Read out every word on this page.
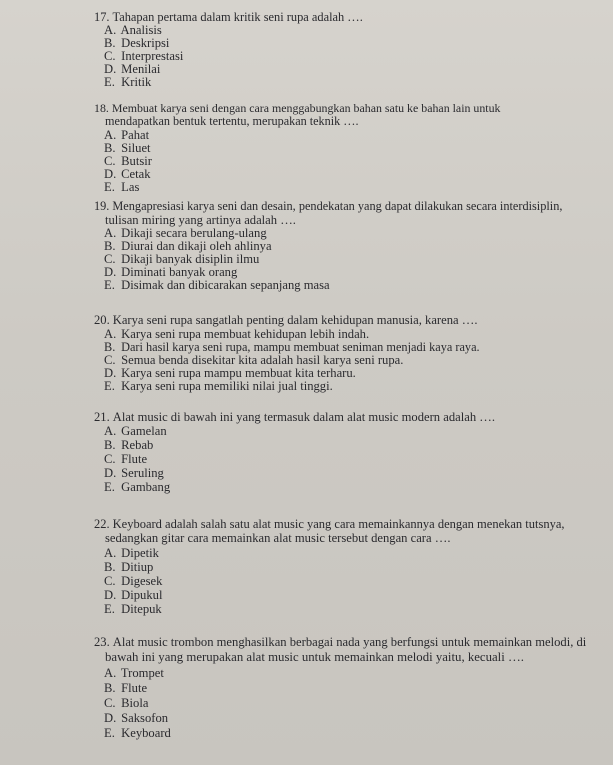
17. Tahapan pertama dalam kritik seni rupa adalah ….
A. Analisis
B. Deskripsi
C. Interprestasi
D. Menilai
E. Kritik
18. Membuat karya seni dengan cara menggabungkan bahan satu ke bahan lain untuk
mendapatkan bentuk tertentu, merupakan teknik ….
A. Pahat
B. Siluet
C. Butsir
D. Cetak
E. Las
19. Mengapresiasi karya seni dan desain, pendekatan yang dapat dilakukan secara interdisiplin,
tulisan miring yang artinya adalah ….
A. Dikaji secara berulang-ulang
B. Diurai dan dikaji oleh ahlinya
C. Dikaji banyak disiplin ilmu
D. Diminati banyak orang
E. Disimak dan dibicarakan sepanjang masa
20. Karya seni rupa sangatlah penting dalam kehidupan manusia, karena ….
A. Karya seni rupa membuat kehidupan lebih indah.
B. Dari hasil karya seni rupa, mampu membuat seniman menjadi kaya raya.
C. Semua benda disekitar kita adalah hasil karya seni rupa.
D. Karya seni rupa mampu membuat kita terharu.
E. Karya seni rupa memiliki nilai jual tinggi.
21. Alat music di bawah ini yang termasuk dalam alat music modern adalah ….
A. Gamelan
B. Rebab
C. Flute
D. Seruling
E. Gambang
22. Keyboard adalah salah satu alat music yang cara memainkannya dengan menekan tutsnya,
sedangkan gitar cara memainkan alat music tersebut dengan cara ….
A. Dipetik
B. Ditiup
C. Digesek
D. Dipukul
E. Ditepuk
23. Alat music trombon menghasilkan berbagai nada yang berfungsi untuk memainkan melodi, di
bawah ini yang merupakan alat music untuk memainkan melodi yaitu, kecuali ….
A. Trompet
B. Flute
C. Biola
D. Saksofon
E. Keyboard
